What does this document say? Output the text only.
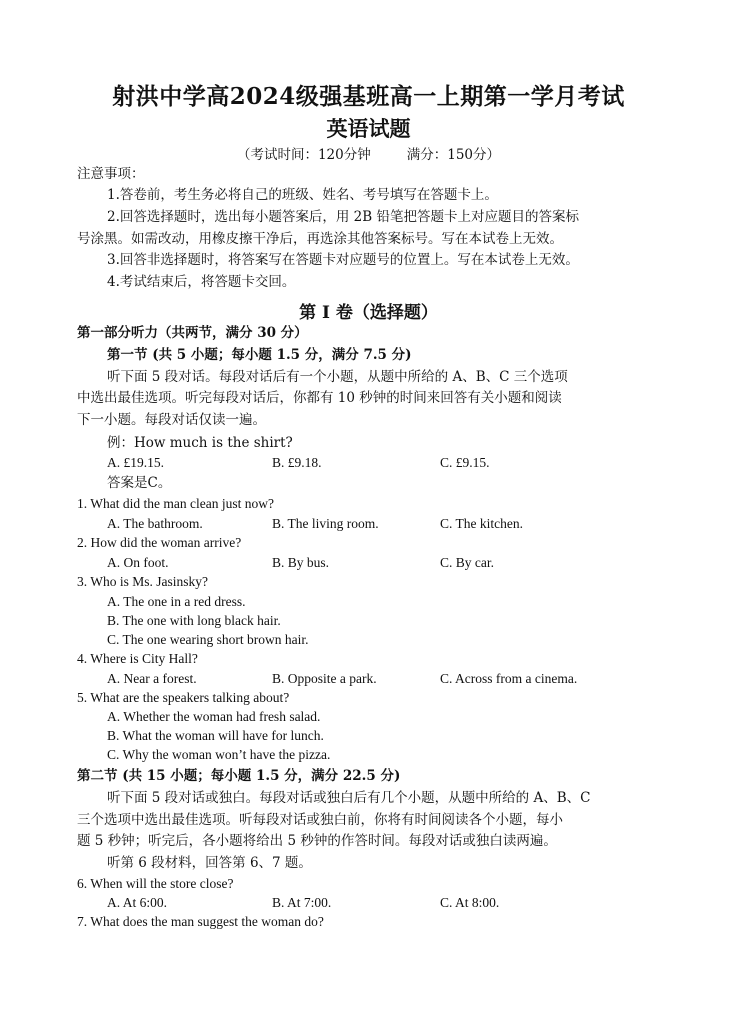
射洪中学高2024级强基班高一上期第一学月考试
英语试题
（考试时间：120分钟	满分：150分）
注意事项：
1.答卷前，考生务必将自己的班级、姓名、考号填写在答题卡上。
2.回答选择题时，选出每小题答案后，用 2B 铅笔把答题卡上对应题目的答案标
号涂黑。如需改动，用橡皮擦干净后，再选涂其他答案标号。写在本试卷上无效。
3.回答非选择题时，将答案写在答题卡对应题号的位置上。写在本试卷上无效。
4.考试结束后，将答题卡交回。
第 I 卷（选择题）
第一部分听力（共两节，满分 30 分）
第一节 (共 5 小题；每小题 1.5 分，满分 7.5 分)
听下面 5 段对话。每段对话后有一个小题，从题中所给的 A、B、C 三个选项
中选出最佳选项。听完每段对话后，你都有 10 秒钟的时间来回答有关小题和阅读
下一小题。每段对话仅读一遍。
例：How much is the shirt?
A. £19.15.	B. £9.18.	C. £9.15.
答案是C。
1. What did the man clean just now?
A. The bathroom.	B. The living room.	C. The kitchen.
2. How did the woman arrive?
A. On foot.	B. By bus.	C. By car.
3. Who is Ms. Jasinsky?
A. The one in a red dress.
B. The one with long black hair.
C. The one wearing short brown hair.
4. Where is City Hall?
A. Near a forest.	B. Opposite a park.	C. Across from a cinema.
5. What are the speakers talking about?
A. Whether the woman had fresh salad.
B. What the woman will have for lunch.
C. Why the woman won’t have the pizza.
第二节 (共 15 小题；每小题 1.5 分，满分 22.5 分)
听下面 5 段对话或独白。每段对话或独白后有几个小题，从题中所给的 A、B、C
三个选项中选出最佳选项。听每段对话或独白前，你将有时间阅读各个小题，每小
题 5 秒钟；听完后，各小题将给出 5 秒钟的作答时间。每段对话或独白读两遍。
听第 6 段材料，回答第 6、7 题。
6. When will the store close?
A. At 6:00.	B. At 7:00.	C. At 8:00.
7. What does the man suggest the woman do?
